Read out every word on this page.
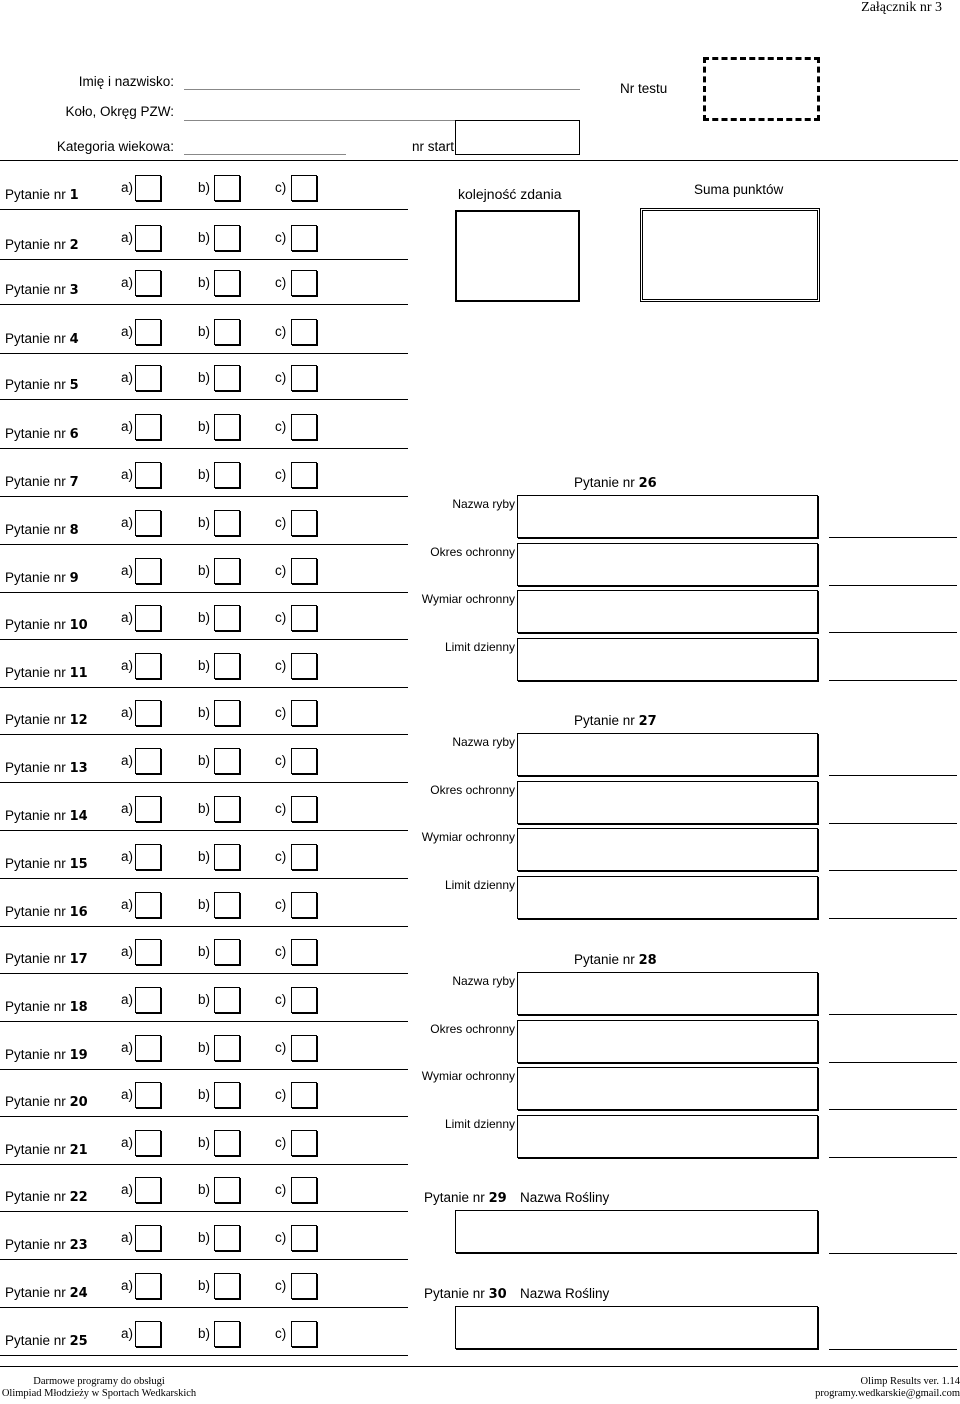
Załącznik nr 3
Imię i nazwisko:
Koło, Okręg PZW:
Kategoria wiekowa:
Nr testu
nr start
Pytanie nr 1
a)	b)	c)
Pytanie nr 2
a)	b)	c)
Pytanie nr 3
a)	b)	c)
Pytanie nr 4
a)	b)	c)
Pytanie nr 5
a)	b)	c)
Pytanie nr 6
a)	b)	c)
Pytanie nr 7
a)	b)	c)
Pytanie nr 8
a)	b)	c)
Pytanie nr 9
a)	b)	c)
Pytanie nr 10
a)	b)	c)
Pytanie nr 11
a)	b)	c)
Pytanie nr 12
a)	b)	c)
Pytanie nr 13
a)	b)	c)
Pytanie nr 14
a)	b)	c)
Pytanie nr 15
a)	b)	c)
Pytanie nr 16
a)	b)	c)
Pytanie nr 17
a)	b)	c)
Pytanie nr 18
a)	b)	c)
Pytanie nr 19
a)	b)	c)
Pytanie nr 20
a)	b)	c)
Pytanie nr 21
a)	b)	c)
Pytanie nr 22
a)	b)	c)
Pytanie nr 23
a)	b)	c)
Pytanie nr 24
a)	b)	c)
Pytanie nr 25
a)	b)	c)
kolejność zdania	Suma punktów
Pytanie nr 26
Nazwa ryby
Okres ochronny
Wymiar ochronny
Limit dzienny
Pytanie nr 27
Nazwa ryby
Okres ochronny
Wymiar ochronny
Limit dzienny
Pytanie nr 28
Nazwa ryby
Okres ochronny
Wymiar ochronny
Limit dzienny
Pytanie nr 29 Nazwa Rośliny
Pytanie nr 30 Nazwa Rośliny
Darmowe programy do obsługi
Olimpiad Młodzieży w Sportach Wedkarskich
Olimp Results ver. 1.14
programy.wedkarskie@gmail.com
